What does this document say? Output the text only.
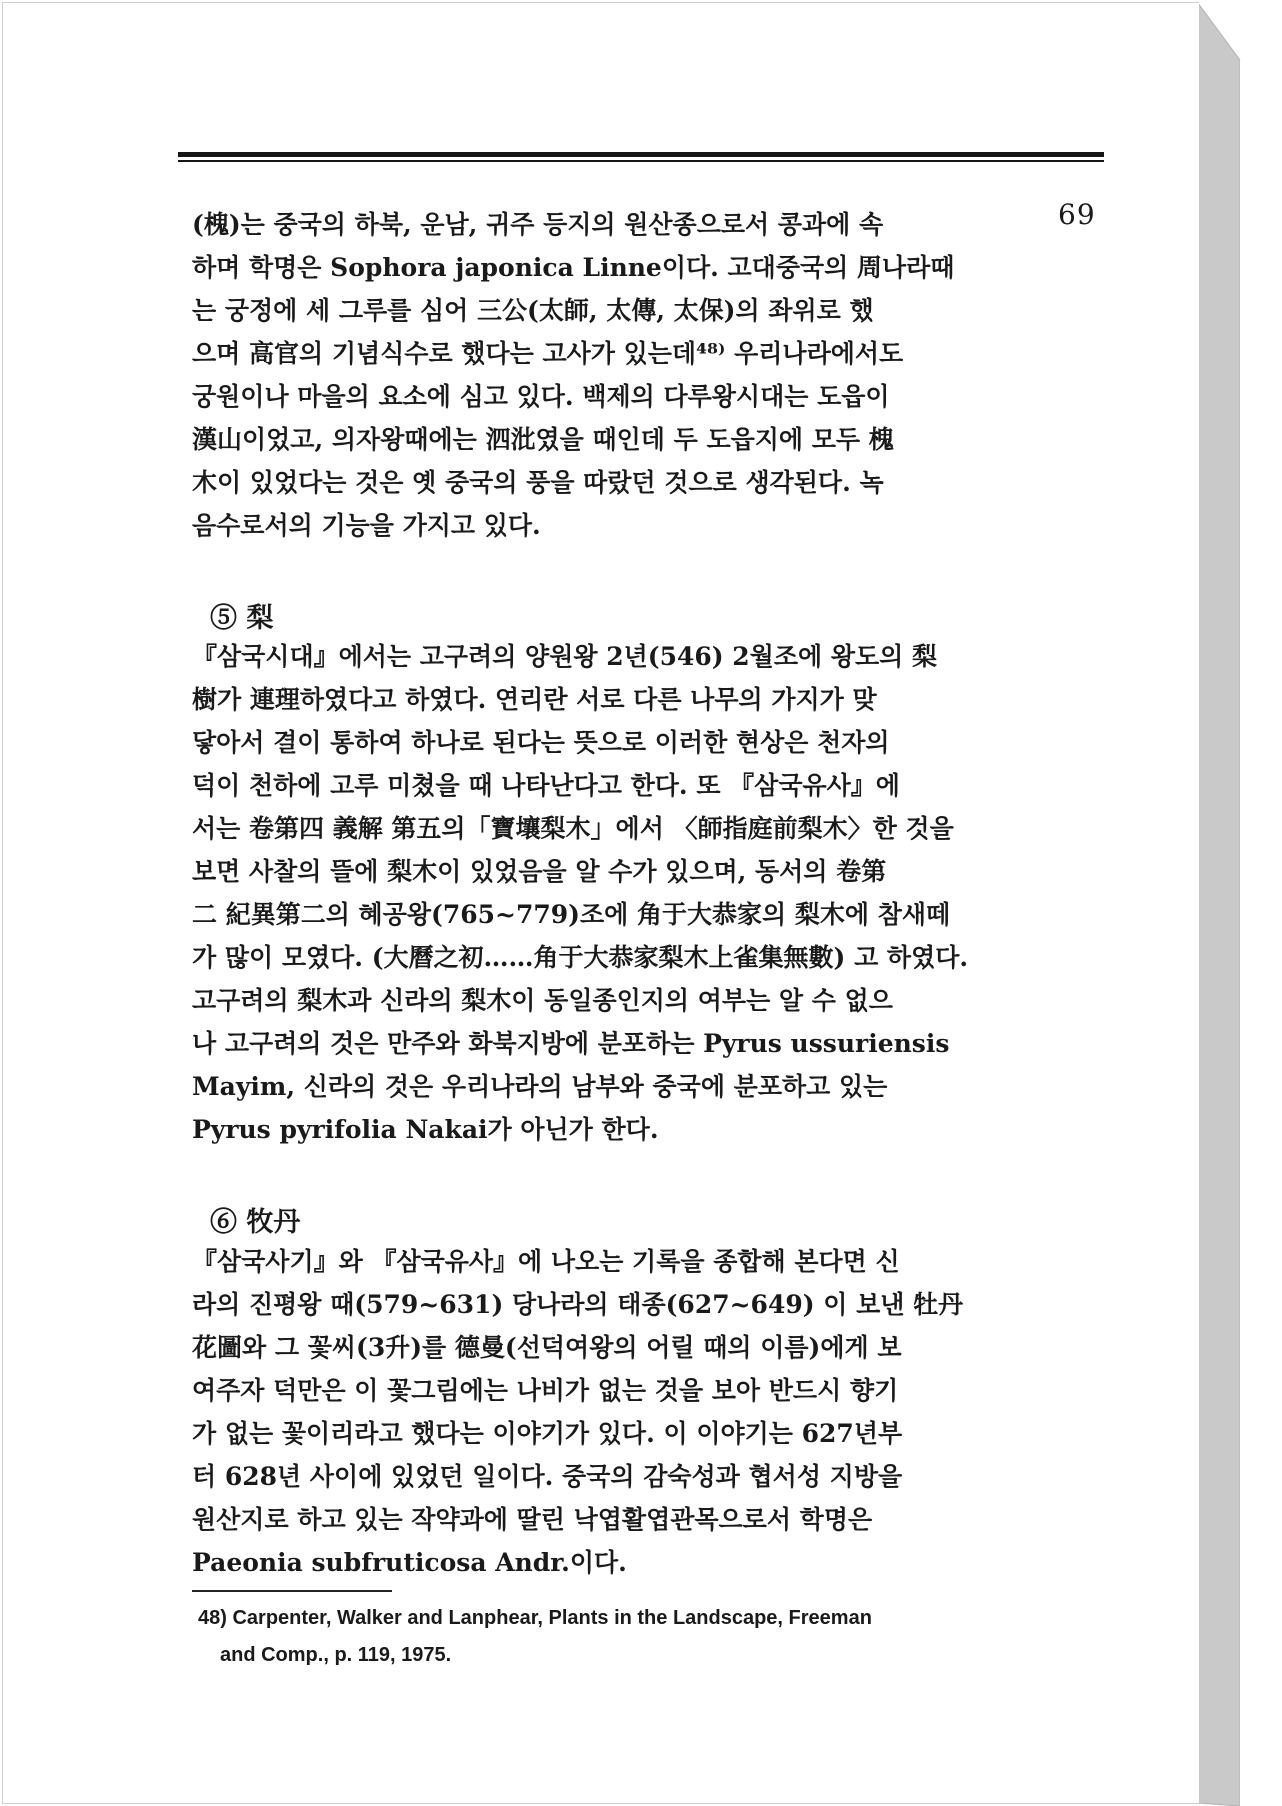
69
(槐)는 중국의 하북, 운남, 귀주 등지의 원산종으로서 콩과에 속
하며 학명은 Sophora japonica Linne이다. 고대중국의 周나라때
는 궁정에 세 그루를 심어 三公(太師, 太傳, 太保)의 좌위로 했
으며 高官의 기념식수로 했다는 고사가 있는데⁴⁸⁾ 우리나라에서도
궁원이나 마을의 요소에 심고 있다. 백제의 다루왕시대는 도읍이
漢山이었고, 의자왕때에는 泗沘였을 때인데 두 도읍지에 모두 槐
木이 있었다는 것은 옛 중국의 풍을 따랐던 것으로 생각된다. 녹
음수로서의 기능을 가지고 있다.
⑤ 梨
『삼국시대』에서는 고구려의 양원왕 2년(546) 2월조에 왕도의 梨
樹가 連理하였다고 하였다. 연리란 서로 다른 나무의 가지가 맞
닿아서 결이 통하여 하나로 된다는 뜻으로 이러한 현상은 천자의
덕이 천하에 고루 미쳤을 때 나타난다고 한다. 또 『삼국유사』에
서는 卷第四 義解 第五의「寶壤梨木」에서 〈師指庭前梨木〉한 것을
보면 사찰의 뜰에 梨木이 있었음을 알 수가 있으며, 동서의 卷第
二 紀異第二의 혜공왕(765~779)조에 角于大恭家의 梨木에 참새떼
가 많이 모였다. (大曆之初……角于大恭家梨木上雀集無數) 고 하였다.
고구려의 梨木과 신라의 梨木이 동일종인지의 여부는 알 수 없으
나 고구려의 것은 만주와 화북지방에 분포하는 Pyrus ussuriensis
Mayim, 신라의 것은 우리나라의 남부와 중국에 분포하고 있는
Pyrus pyrifolia Nakai가 아닌가 한다.
⑥ 牧丹
『삼국사기』와 『삼국유사』에 나오는 기록을 종합해 본다면 신
라의 진평왕 때(579~631) 당나라의 태종(627~649) 이 보낸 牡丹
花圖와 그 꽃씨(3升)를 德曼(선덕여왕의 어릴 때의 이름)에게 보
여주자 덕만은 이 꽃그림에는 나비가 없는 것을 보아 반드시 향기
가 없는 꽃이리라고 했다는 이야기가 있다. 이 이야기는 627년부
터 628년 사이에 있었던 일이다. 중국의 감숙성과 협서성 지방을
원산지로 하고 있는 작약과에 딸린 낙엽활엽관목으로서 학명은
Paeonia subfruticosa Andr.이다.
48) Carpenter, Walker and Lanphear, Plants in the Landscape, Freeman
and Comp., p. 119, 1975.
